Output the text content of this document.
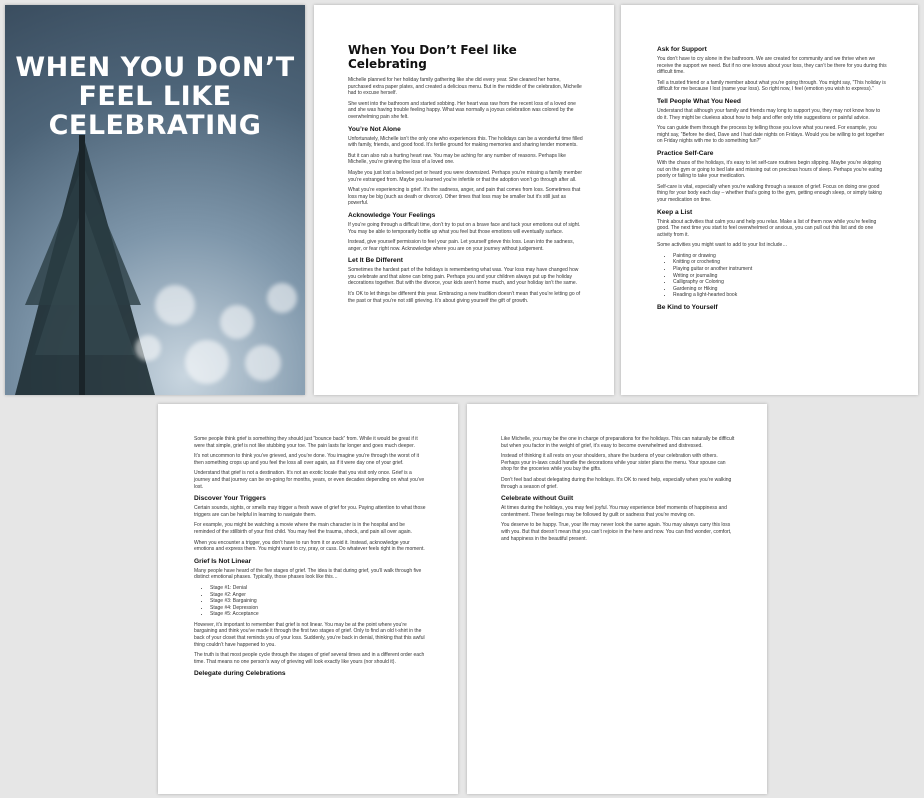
WHEN YOU DON’T FEEL LIKE CELEBRATING
When You Don’t Feel like Celebrating

Michelle planned for her holiday family gathering like she did every year. She cleaned her home, purchased extra paper plates, and created a delicious menu. But in the middle of the celebration, Michelle had to excuse herself.

She went into the bathroom and started sobbing. Her heart was raw from the recent loss of a loved one and she was having trouble feeling happy. What was normally a joyous celebration was colored by the overwhelming pain she felt.

You’re Not Alone

Unfortunately, Michelle isn’t the only one who experiences this. The holidays can be a wonderful time filled with family, friends, and good food. It’s fertile ground for making memories and sharing tender moments.

But it can also rub a hurting heart raw. You may be aching for any number of reasons. Perhaps like Michelle, you’re grieving the loss of a loved one.

Maybe you just lost a beloved pet or heard you were downsized. Perhaps you’re missing a family member you’re estranged from. Maybe you learned you’re infertile or that the adoption won’t go through after all.

What you’re experiencing is grief. It’s the sadness, anger, and pain that comes from loss. Sometimes that loss may be big (such as death or divorce). Other times that loss may be smaller but it’s still just as powerful.

Acknowledge Your Feelings

If you’re going through a difficult time, don’t try to put on a brave face and tuck your emotions out of sight. You may be able to temporarily bottle up what you feel but those emotions will eventually surface.

Instead, give yourself permission to feel your pain. Let yourself grieve this loss. Lean into the sadness, anger, or fear right now. Acknowledge where you are on your journey without judgement.

Let It Be Different

Sometimes the hardest part of the holidays is remembering what was. Your loss may have changed how you celebrate and that alone can bring pain. Perhaps you and your children always put up the holiday decorations together. But with the divorce, your kids aren’t home much, and your holiday isn’t the same.

It’s OK to let things be different this year. Embracing a new tradition doesn’t mean that you’re letting go of the past or that you’re not still grieving. It’s about giving yourself the gift of growth.

Ask for Support

You don’t have to cry alone in the bathroom. We are created for community and we thrive when we receive the support we need. But if no one knows about your loss, they can’t be there for you during this difficult time.

Tell a trusted friend or a family member about what you’re going through. You might say, “This holiday is difficult for me because I lost (name your loss). So right now, I feel (emotion you wish to express).”

Tell People What You Need

Understand that although your family and friends may long to support you, they may not know how to do it. They might be clueless about how to help and offer only trite suggestions or painful advice.

You can guide them through the process by telling those you love what you need. For example, you might say, “Before he died, Dave and I had date nights on Fridays. Would you be willing to get together on Friday nights with me to do something fun?”

Practice Self-Care

With the chaos of the holidays, it’s easy to let self-care routines begin slipping. Maybe you’re skipping out on the gym or going to bed late and missing out on precious hours of sleep. Perhaps you’re eating poorly or failing to take your medication.

Self-care is vital, especially when you’re walking through a season of grief. Focus on doing one good thing for your body each day – whether that’s going to the gym, getting enough sleep, or simply taking your medication on time.

Keep a List

Think about activities that calm you and help you relax. Make a list of them now while you’re feeling good. The next time you start to feel overwhelmed or anxious, you can pull out this list and do one activity from it.

Some activities you might want to add to your list include…

• Painting or drawing
• Knitting or crocheting
• Playing guitar or another instrument
• Writing or journaling
• Calligraphy or Coloring
• Gardening or Hiking
• Reading a light-hearted book
Be Kind to Yourself

Some people think grief is something they should just “bounce back” from. While it would be great if it were that simple, grief is not like stubbing your toe. The pain lasts far longer and goes much deeper.

It’s not uncommon to think you’ve grieved, and you’re done. You imagine you’re through the worst of it then something crops up and you feel the loss all over again, as if it were day one of your grief.

Understand that grief is not a destination. It’s not an exotic locale that you visit only once. Grief is a journey and that journey can be on-going for months, years, or even decades depending on what you’ve lost.

Discover Your Triggers

Certain sounds, sights, or smells may trigger a fresh wave of grief for you. Paying attention to what those triggers are can be helpful in learning to navigate them.

For example, you might be watching a movie where the main character is in the hospital and be reminded of the stillbirth of your first child. You may feel the trauma, shock, and pain all over again.

When you encounter a trigger, you don’t have to run from it or avoid it. Instead, acknowledge your emotions and express them. You might want to cry, pray, or cuss. Do whatever feels right in the moment.

Grief Is Not Linear

Many people have heard of the five stages of grief. The idea is that during grief, you’ll walk through five distinct emotional phases. Typically, those phases look like this…

• Stage #1: Denial
• Stage #2: Anger
• Stage #3: Bargaining
• Stage #4: Depression
• Stage #5: Acceptance

However, it’s important to remember that grief is not linear. You may be at the point where you’re bargaining and think you’ve made it through the first two stages of grief. Only to find an old t-shirt in the back of your closet that reminds you of your loss. Suddenly, you’re back in denial, thinking that this awful thing couldn’t have happened to you.

The truth is that most people cycle through the stages of grief several times and in a different order each time. That means no one person’s way of grieving will look exactly like yours (nor should it).

Delegate during Celebrations

Like Michelle, you may be the one in charge of preparations for the holidays. This can naturally be difficult but when you factor in the weight of grief, it’s easy to become overwhelmed and distressed.

Instead of thinking it all rests on your shoulders, share the burdens of your celebration with others. Perhaps your in-laws could handle the decorations while your sister plans the menu. Your spouse can shop for the groceries while you buy the gifts.

Don’t feel bad about delegating during the holidays. It’s OK to need help, especially when you’re walking through a season of grief.

Celebrate without Guilt

At times during the holidays, you may feel joyful. You may experience brief moments of happiness and contentment. These feelings may be followed by guilt or sadness that you’re moving on.

You deserve to be happy. True, your life may never look the same again. You may always carry this loss with you. But that doesn’t mean that you can’t rejoice in the here and now. You can find wonder, comfort, and happiness in the beautiful present.
